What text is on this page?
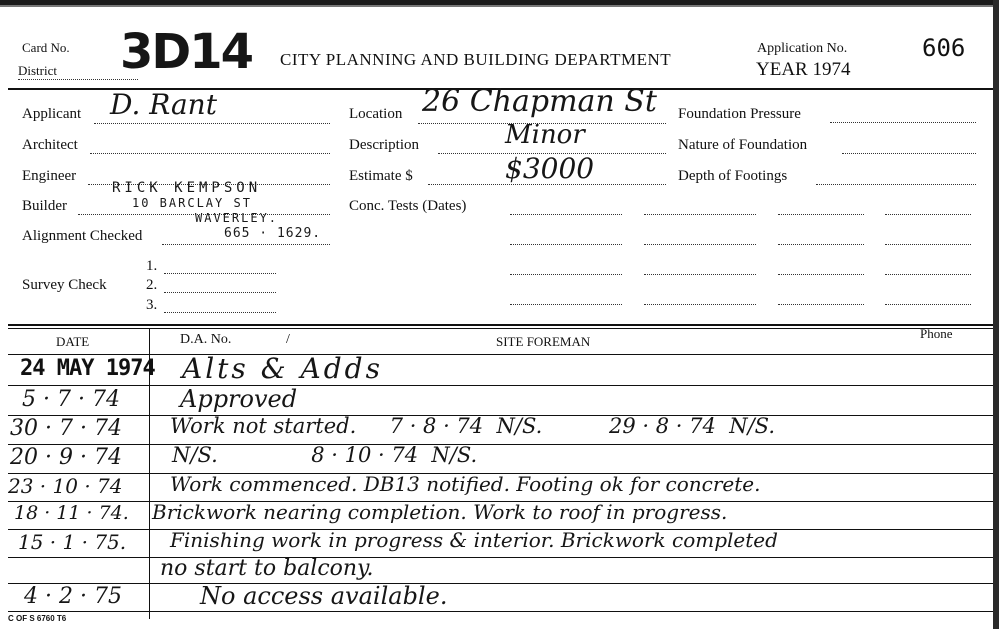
Card No.
District 3D14 CITY PLANNING AND BUILDING DEPARTMENT
Application No.
YEAR 1974
606
Applicant D. Rant
Architect
Engineer
Builder
RICK KEMPSON
10 BARCLAY ST
WAVERLEY.
Alignment Checked	665 · 1629.
1.
Survey Check	2.
3.
Location 26 Chapman St
Description	Minor
Estimate $	$3000
Conc. Tests (Dates)
Foundation Pressure
Nature of Foundation
Depth of Footings
DATE	D.A. No.	/	SITE FOREMAN
Phone
24 MAY 1974 Alts & Adds
5 · 7 · 74	Approved
30 · 7 · 74 Work not started.     7 · 8 · 74  N/S.          29 · 8 · 74  N/S.
20 · 9 · 74 N/S.              8 · 10 · 74  N/S.
23 · 10 · 74 Work commenced. DB13 notified. Footing ok for concrete.
18 · 11 · 74. Brickwork nearing completion. Work to roof in progress.
15 · 1 · 75. Finishing work in progress & interior. Brickwork completed
no start to balcony.
4 · 2 · 75	No access available.
C OF S 6760 T6
